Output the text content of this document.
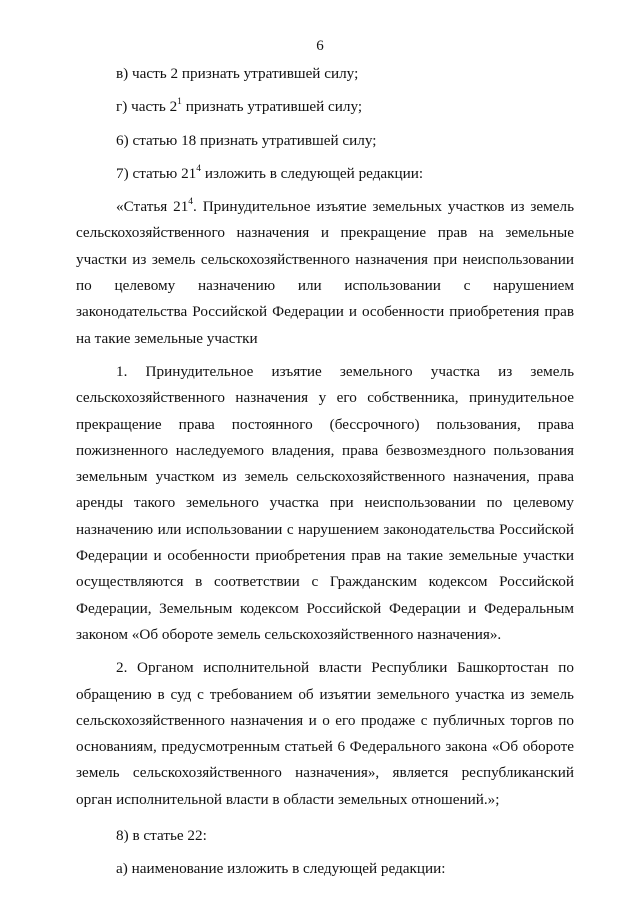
6

в) часть 2 признать утратившей силу;

г) часть $2^1$ признать утратившей силу;

6) статью 18 признать утратившей силу;

7) статью $21^4$ изложить в следующей редакции:

«Статья $21^4$. Принудительное изъятие земельных участков из земель сельскохозяйственного назначения и прекращение прав на земельные участки из земель сельскохозяйственного назначения при неиспользовании по целевому назначению или использовании с нарушением законодательства Российской Федерации и особенности приобретения прав на такие земельные участки

1. Принудительное изъятие земельного участка из земель сельскохозяйственного назначения у его собственника, принудительное прекращение права постоянного (бессрочного) пользования, права пожизненного наследуемого владения, права безвозмездного пользования земельным участком из земель сельскохозяйственного назначения, права аренды такого земельного участка при неиспользовании по целевому назначению или использовании с нарушением законодательства Российской Федерации и особенности приобретения прав на такие земельные участки осуществляются в соответствии с Гражданским кодексом Российской Федерации, Земельным кодексом Российской Федерации и Федеральным законом «Об обороте земель сельскохозяйственного назначения».

2. Органом исполнительной власти Республики Башкортостан по обращению в суд с требованием об изъятии земельного участка из земель сельскохозяйственного назначения и о его продаже с публичных торгов по основаниям, предусмотренным статьей 6 Федерального закона «Об обороте земель сельскохозяйственного назначения», является республиканский орган исполнительной власти в области земельных отношений.»;

8) в статье 22:

а) наименование изложить в следующей редакции:
